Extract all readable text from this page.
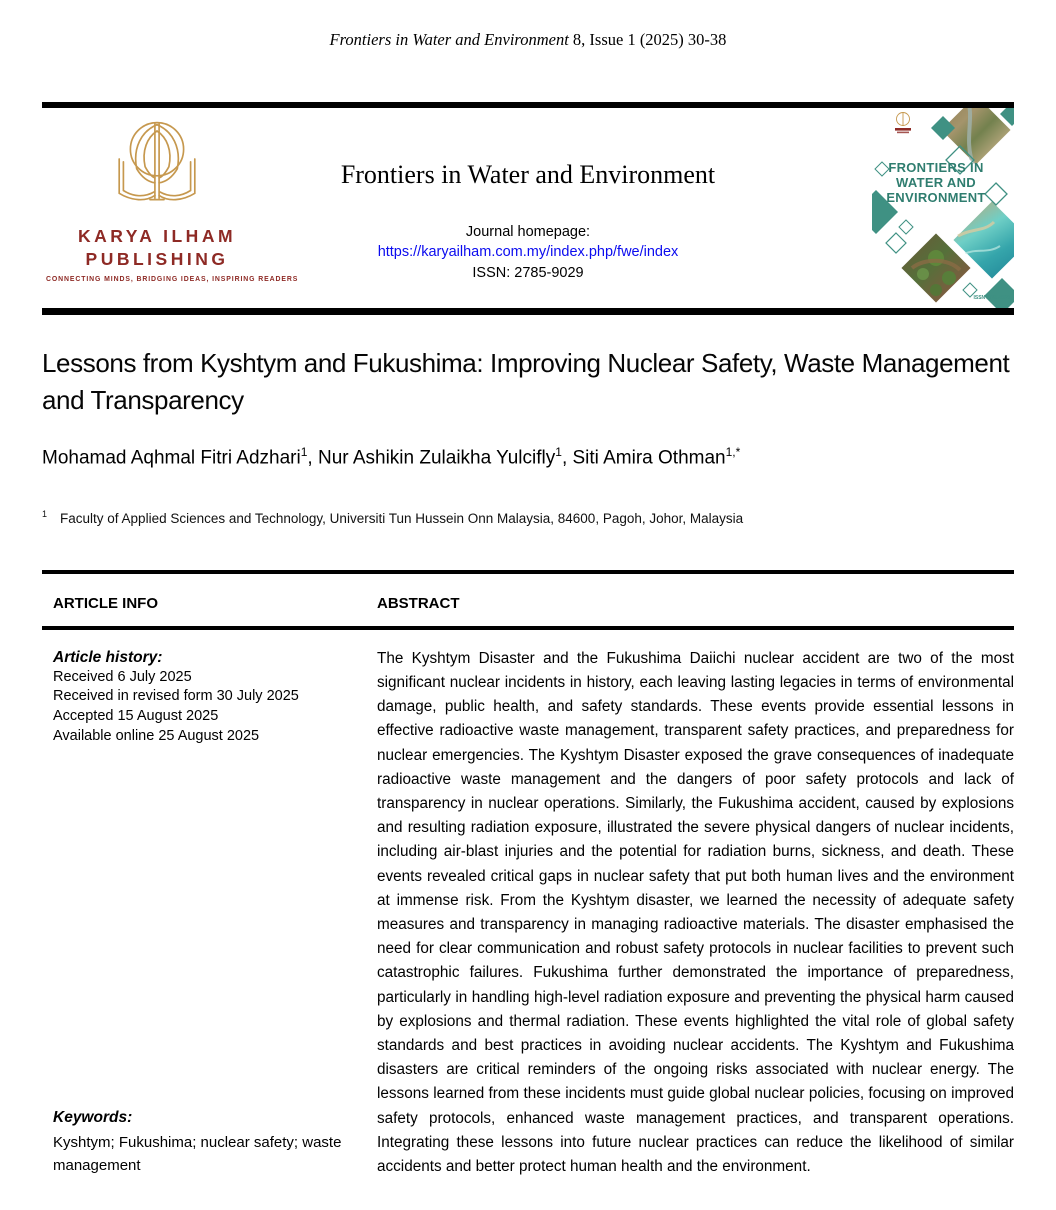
Frontiers in Water and Environment 8, Issue 1 (2025) 30-38
KARYA ILHAM
PUBLISHING
CONNECTING MINDS, BRIDGING IDEAS, INSPIRING READERS
Frontiers in Water and Environment
Journal homepage:
https://karyailham.com.my/index.php/fwe/index
ISSN: 2785-9029
FRONTIERS IN
WATER AND
ENVIRONMENT
ISSN 2785-9029
Lessons from Kyshtym and Fukushima: Improving Nuclear Safety, Waste Management and Transparency
Mohamad Aqhmal Fitri Adzhari$^1$, Nur Ashikin Zulaikha Yulcifly$^1$, Siti Amira Othman$^{1,*}$
$^1$ Faculty of Applied Sciences and Technology, Universiti Tun Hussein Onn Malaysia, 84600, Pagoh, Johor, Malaysia
ARTICLE INFO	ABSTRACT
Article history:
Received 6 July 2025
Received in revised form 30 July 2025
Accepted 15 August 2025
Available online 25 August 2025
Keywords:
Kyshtym; Fukushima; nuclear safety; waste management
The Kyshtym Disaster and the Fukushima Daiichi nuclear accident are two of the most significant nuclear incidents in history, each leaving lasting legacies in terms of environmental damage, public health, and safety standards. These events provide essential lessons in effective radioactive waste management, transparent safety practices, and preparedness for nuclear emergencies. The Kyshtym Disaster exposed the grave consequences of inadequate radioactive waste management and the dangers of poor safety protocols and lack of transparency in nuclear operations. Similarly, the Fukushima accident, caused by explosions and resulting radiation exposure, illustrated the severe physical dangers of nuclear incidents, including air-blast injuries and the potential for radiation burns, sickness, and death. These events revealed critical gaps in nuclear safety that put both human lives and the environment at immense risk. From the Kyshtym disaster, we learned the necessity of adequate safety measures and transparency in managing radioactive materials. The disaster emphasised the need for clear communication and robust safety protocols in nuclear facilities to prevent such catastrophic failures. Fukushima further demonstrated the importance of preparedness, particularly in handling high-level radiation exposure and preventing the physical harm caused by explosions and thermal radiation. These events highlighted the vital role of global safety standards and best practices in avoiding nuclear accidents. The Kyshtym and Fukushima disasters are critical reminders of the ongoing risks associated with nuclear energy. The lessons learned from these incidents must guide global nuclear policies, focusing on improved safety protocols, enhanced waste management practices, and transparent operations. Integrating these lessons into future nuclear practices can reduce the likelihood of similar accidents and better protect human health and the environment.
